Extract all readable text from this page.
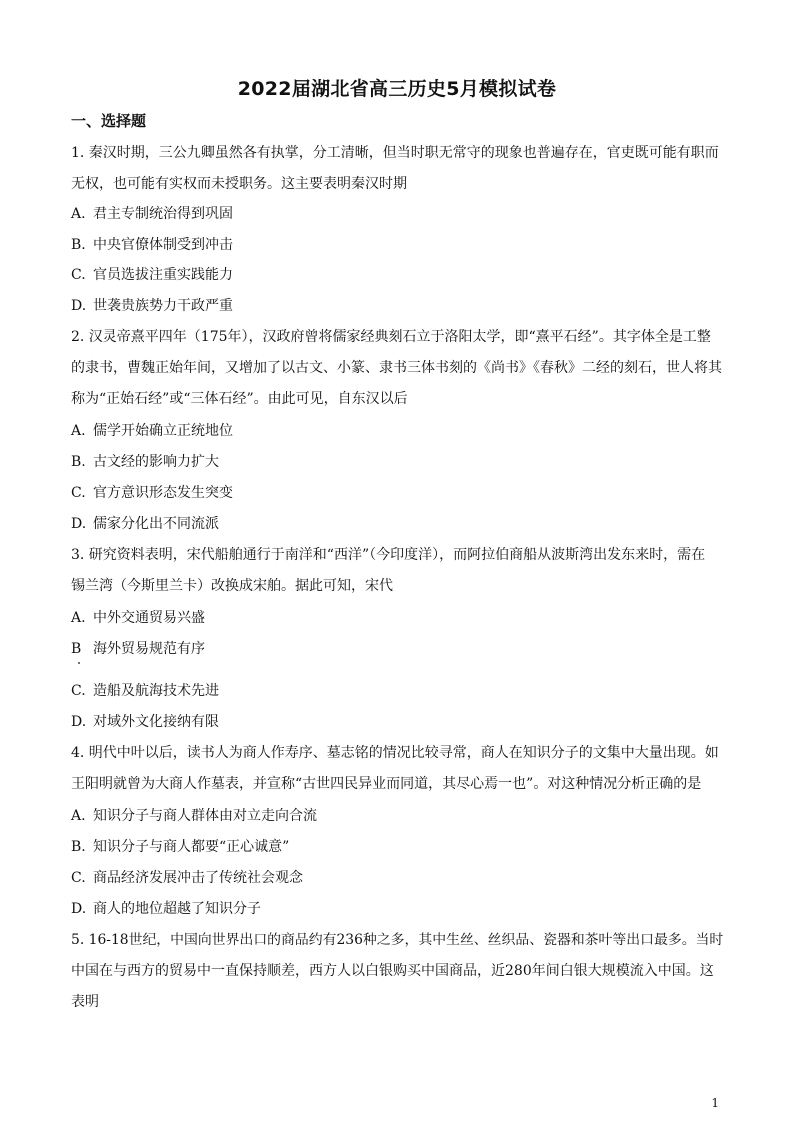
2022届湖北省高三历史5月模拟试卷
一、选择题
1. 秦汉时期，三公九卿虽然各有执掌，分工清晰，但当时职无常守的现象也普遍存在，官吏既可能有职而
无权，也可能有实权而未授职务。这主要表明秦汉时期
A. 君主专制统治得到巩固
B. 中央官僚体制受到冲击
C. 官员选拔注重实践能力
D. 世袭贵族势力干政严重
2. 汉灵帝熹平四年（175年），汉政府曾将儒家经典刻石立于洛阳太学，即“熹平石经”。其字体全是工整
的隶书，曹魏正始年间，又增加了以古文、小篆、隶书三体书刻的《尚书》《春秋》二经的刻石，世人将其
称为“正始石经”或“三体石经”。由此可见，自东汉以后
A. 儒学开始确立正统地位
B. 古文经的影响力扩大
C. 官方意识形态发生突变
D. 儒家分化出不同流派
3. 研究资料表明，宋代船舶通行于南洋和“西洋”（今印度洋），而阿拉伯商船从波斯湾出发东来时，需在
锡兰湾（今斯里兰卡）改换成宋舶。据此可知，宋代
A. 中外交通贸易兴盛
B 海外贸易规范有序
C. 造船及航海技术先进
D. 对域外文化接纳有限
4. 明代中叶以后，读书人为商人作寿序、墓志铭的情况比较寻常，商人在知识分子的文集中大量出现。如
王阳明就曾为大商人作墓表，并宣称“古世四民异业而同道，其尽心焉一也”。对这种情况分析正确的是
A. 知识分子与商人群体由对立走向合流
B. 知识分子与商人都要“正心诚意”
C. 商品经济发展冲击了传统社会观念
D. 商人的地位超越了知识分子
5. 16-18世纪，中国向世界出口的商品约有236种之多，其中生丝、丝织品、瓷器和茶叶等出口最多。当时
中国在与西方的贸易中一直保持顺差，西方人以白银购买中国商品，近280年间白银大规模流入中国。这
表明
1
